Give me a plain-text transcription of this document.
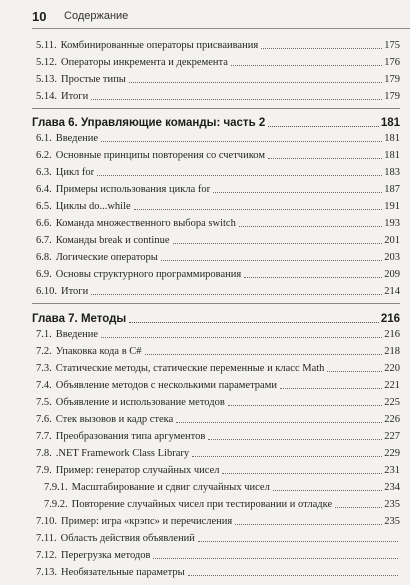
10	Содержание
5.11. Комбинированные операторы присваивания	175
5.12. Операторы инкремента и декремента	176
5.13. Простые типы	179
5.14. Итоги	179
Глава 6. Управляющие команды: часть 2	181
6.1. Введение	181
6.2. Основные принципы повторения со счетчиком	181
6.3. Цикл for	183
6.4. Примеры использования цикла for	187
6.5. Циклы do...while	191
6.6. Команда множественного выбора switch	193
6.7. Команды break и continue	201
6.8. Логические операторы	203
6.9. Основы структурного программирования	209
6.10. Итоги	214
Глава 7. Методы	216
7.1. Введение	216
7.2. Упаковка кода в C#	218
7.3. Статические методы, статические переменные и класс Math	220
7.4. Объявление методов с несколькими параметрами	221
7.5. Объявление и использование методов	225
7.6. Стек вызовов и кадр стека	226
7.7. Преобразования типа аргументов	227
7.8. .NET Framework Class Library	229
7.9. Пример: генератор случайных чисел	231
7.9.1. Масштабирование и сдвиг случайных чисел	234
7.9.2. Повторение случайных чисел при тестировании и отладке	235
7.10. Пример: игра «крэпс» и перечисления	235
7.11. Область действия объявлений
7.12. Перегрузка методов
7.13. Необязательные параметры
